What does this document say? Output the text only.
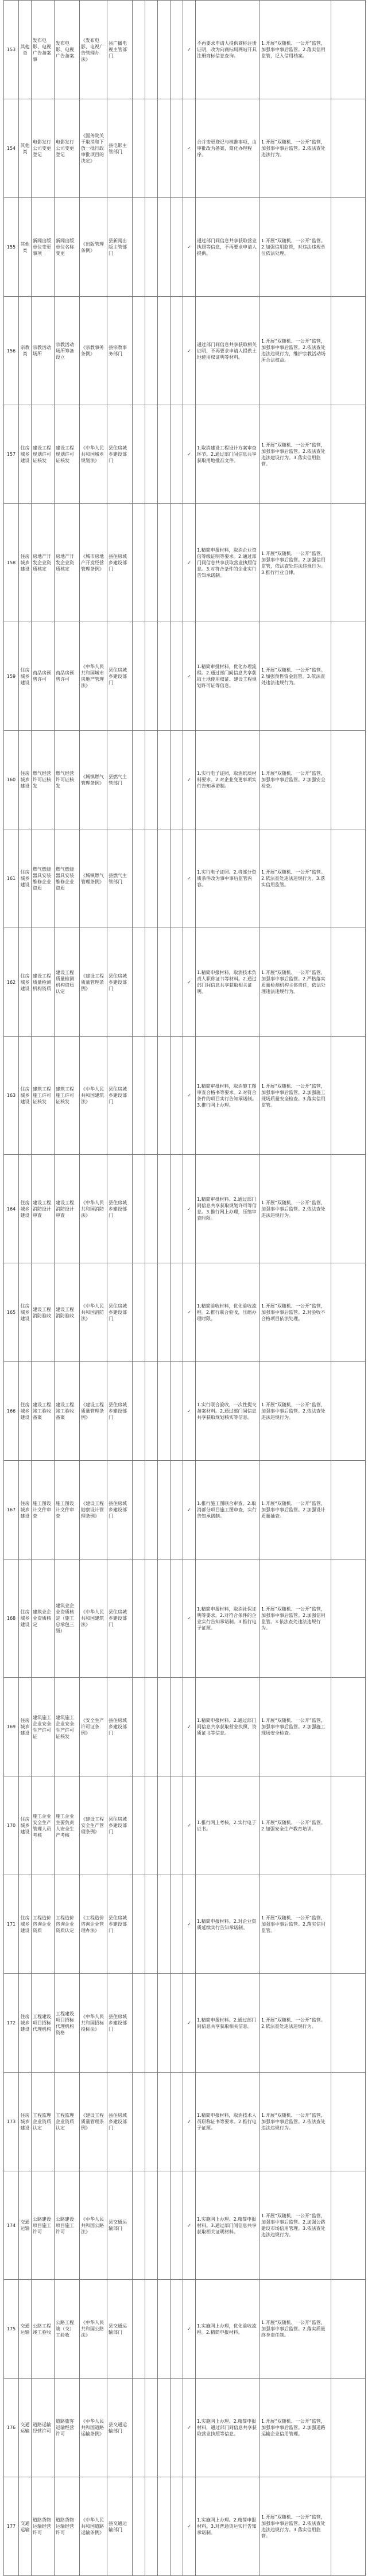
153	其他类	发布电影、电视广告备案事	发布电影、电视广告备案	《发布电影、电视广告管理办法》	县广播电视主管部门					✓	不再要求申请人提供商标注册证明，改为向商标局网站开具注册商标信息查询。	1.开展“双随机、一公开”监管，加强事中事后监管。2.落实信用监管，记入信用档案。	
154	其他类	电影发行公司变更登记	电影发行公司变更登记	《国务院关于取消和下放一批行政审批项目的决定》	县电影主管部门					✓	合并变更登记与核准事项，由审批改为备案，简化办理程序。	1.开展“双随机、一公开”监管，加强事中事后监管。2.依法查处违法行为。	
155	其他类	新闻出版单位变更事项	新闻出版单位名称变更	《出版管理条例》	县新闻出版主管部门					✓	通过部门间信息共享获取营业执照等信息，不再要求申请人提供。	1.开展“双随机、一公开”监管。2.加强信用监管，对违法违规单位依法处理。	
156	宗教类	宗教活动场所	宗教活动场所筹备设立	《宗教事务条例》	县宗教事务部门					✓	通过部门间信息共享获取相关证明，不再要求申请人提供土地使用权证明等材料。	1.开展“双随机、一公开”监管，加强事中事后监管。2.依法查处违法违规行为，维护宗教活动场所合法权益。	
157	住房城乡建设	建设工程规划许可证核发	建设工程规划许可证核发	《中华人民共和国城乡规划法》	县住房城乡建设部门					✓	1.取消建设工程设计方案审查环节。2.通过部门间信息共享获取用地批准文件。	1.开展“双随机、一公开”监管，加强事中事后监管。2.依法查处违法建设行为。3.落实信用监管。	
158	住房城乡建设	房地产开发企业资质核定	房地产开发企业资质核定	《城市房地产开发经营管理条例》	县住房城乡建设部门					✓	1.精简申报材料，取消企业资信等级证明等要求。2.通过部门间信息共享获取营业执照信息。3.对符合条件的企业实行告知承诺制。	1.开展“双随机、一公开”监管，加强事中事后监管。2.加强信用监管，依法查处违法违规行为。3.推行行业自律。	
159	住房城乡建设	商品房预售许可	商品房预售许可	《中华人民共和国城市房地产管理法》	县住房城乡建设部门					✓	1.精简审批材料，优化办理流程。2.通过部门间信息共享获取土地使用权证、建设工程规划许可证等信息。	1.开展“双随机、一公开”监管。2.加强预售资金监管。3.依法查处违法违规行为。	
160	住房城乡建设	燃气经营许可证核发	燃气经营许可证核发	《城镇燃气管理条例》	县燃气主管部门					✓	1.实行电子证照，取消纸质材料要求。2.对企业变更事项实行告知承诺制。	1.开展“双随机、一公开”监管，加强事中事后监管。2.加强安全检查。	
161	住房城乡建设	燃气燃烧器具安装维修企业资质	燃气燃烧器具安装维修企业资质	《城镇燃气管理条例》	县燃气主管部门					✓	1.实行电子证照。2.将部分资质条件改为事中事后监管内容。	1.开展“双随机、一公开”监管。2.依法查处违法违规行为。3.落实信用监管。	
162	住房城乡建设	建设工程质量检测机构资质	建设工程质量检测机构资质认定	《建设工程质量管理条例》	县住房城乡建设部门					✓	1.精简申报材料，取消技术负责人职称证书等材料。2.通过部门间信息共享获取相关证明。	1.开展“双随机、一公开”监管，加强事中事后监管。2.严格落实质量检测机构主体责任，依法处理违法违规行为。	
163	住房城乡建设	建筑工程施工许可证核发	建筑工程施工许可证核发	《中华人民共和国建筑法》	县住房城乡建设部门					✓	1.精简审批材料，取消施工图审查合格书等要求。2.对符合条件的项目实行告知承诺制。3.推行网上办理。	1.开展“双随机、一公开”监管，加强事中事后监管。2.加强施工现场质量安全检查。3.落实信用监管。	
164	住房城乡建设	建设工程消防设计审查	建设工程消防设计审查	《中华人民共和国消防法》	县住房城乡建设部门					✓	1.精简审批材料。2.通过部门间信息共享获取规划许可等信息。3.推行网上办理，压缩审查时限。	1.开展“双随机、一公开”监管，加强事中事后监管。2.依法查处违法违规行为。	
165	住房城乡建设	建设工程消防验收	建设工程消防验收	《中华人民共和国消防法》	县住房城乡建设部门					✓	1.精简验收材料，优化验收流程。2.推行联合验收，压缩办理时限。	1.开展“双随机、一公开”监管，加强事中事后监管。2.对验收不合格项目依法处理。	
166	住房城乡建设	建设工程竣工验收备案	建设工程竣工验收备案	《建设工程质量管理条例》	县住房城乡建设部门					✓	1.实行联合验收，一次性提交备案材料。2.通过部门间信息共享获取规划核实等信息。	1.开展“双随机、一公开”监管，加强事中事后监管。2.依法查处违法违规行为。	
167	住房城乡建设	施工图设计文件审查	施工图设计文件审查	《建设工程勘察设计管理条例》	县住房城乡建设部门					✓	1.推行施工图联合审查。2.取消部分项目施工图审查，实行告知承诺制。	1.开展“双随机、一公开”监管，加强事中事后监管。2.加强设计质量抽查。	
168	住房城乡建设	建筑业企业资质核定	建筑业企业资质核定（施工总承包三级）	《中华人民共和国建筑法》	县住房城乡建设部门					✓	1.精简申报材料，取消社保证明等要求。2.对符合条件的企业实行告知承诺制。3.推行电子证照。	1.开展“双随机、一公开”监管，加强事中事后监管。2.加强信用监管。3.依法查处违法违规行为。	
169	住房城乡建设	建筑施工企业安全生产许可证	建筑施工企业安全生产许可证核发	《安全生产许可证条例》	县住房城乡建设部门					✓	1.精简申报材料。2.通过部门间信息共享获取营业执照、资质证书等信息。	1.开展“双随机、一公开”监管，加强事中事后监管。2.加强施工现场安全检查。	
170	住房城乡建设	施工企业安全生产管理人员考核	施工企业主要负责人安全生产考核	《建设工程安全生产管理条例》	县住房城乡建设部门					✓	1.推行网上考核。2.实行电子证书。	1.开展“双随机、一公开”监管。2.加强安全生产教育培训。	
171	住房城乡建设	工程造价咨询企业资质	工程造价咨询企业资质认定	《工程造价咨询企业管理办法》	县住房城乡建设部门					✓	1.精简申报材料。2.对企业资质延续实行告知承诺制。	1.开展“双随机、一公开”监管，加强事中事后监管。2.落实信用监管。	
172	住房城乡建设	工程建设项目招标代理机构	工程建设项目招标代理机构资格	《中华人民共和国招标投标法》	县住房城乡建设部门					✓	1.精简申报材料。2.通过部门间信息共享获取相关信息。	1.开展“双随机、一公开”监管。2.依法查处违法违规行为。	
173	住房城乡建设	工程监理企业资质认定	工程监理企业资质认定	《建设工程质量管理条例》	县住房城乡建设部门					✓	1.精简申报材料，取消技术人员职称证书等要求。2.推行电子证照。	1.开展“双随机、一公开”监管，加强事中事后监管。2.依法查处违法违规行为。	
174	交通运输	公路建设项目施工许可	公路建设项目施工许可	《中华人民共和国公路法》	县交通运输部门					✓	1.实施网上办理。2.精简申报材料。3.通过部门间信息共享获取相关证明材料。	1.开展“双随机、一公开”监管，加强事中事后监管。2.加强公路建设市场信用管理。3.依法查处违法违规行为。	
175	交通运输	公路工程竣工验收	公路工程竣（交）工验收	《中华人民共和国公路法》	县交通运输部门					✓	1.实施网上办理，优化验收流程。2.精简申报材料。	1.开展“双随机、一公开”监管，加强事中事后监管。2.落实质量终身责任制。	
176	交通运输	道路运输经营许可	道路旅客运输经营许可	《中华人民共和国道路运输条例》	县交通运输部门					✓	1.实施网上办理。2.精简申报材料，通过部门间信息共享获取营业执照等信息。	1.开展“双随机、一公开”监管，加强事中事后监管。2.加强道路运输企业信用管理。	
177	交通运输	道路货物运输经营许可	道路货物运输经营许可	《中华人民共和国道路运输条例》	县交通运输部门					✓	1.实施网上办理。2.精简申报材料。3.对普通货运实行告知承诺制。	1.开展“双随机、一公开”监管，加强事中事后监管。2.依法查处违法违规行为。3.落实信用监管。	
